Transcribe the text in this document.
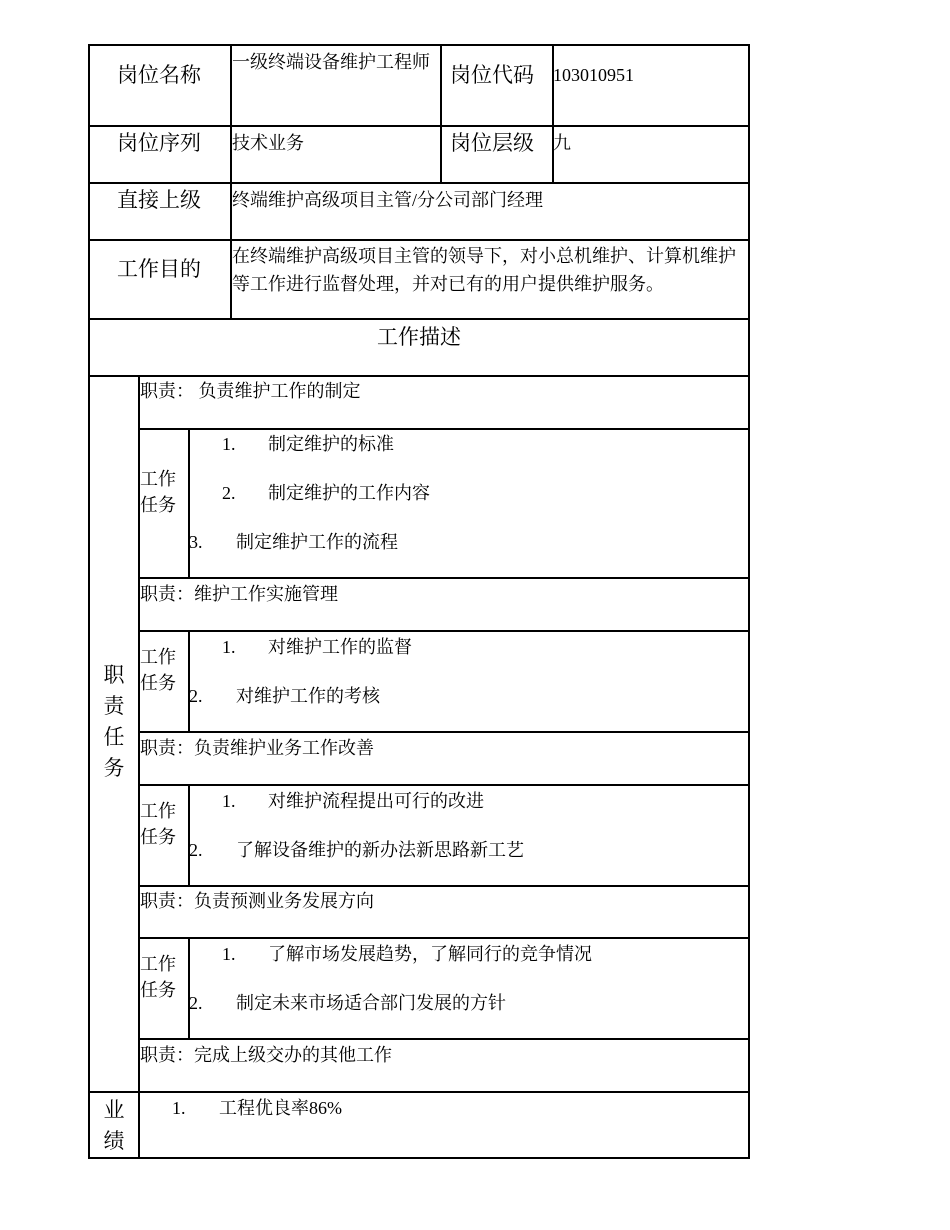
岗位名称
一级终端设备维护工程师
岗位代码 103010951
岗位序列 技术业务	岗位层级 九
直接上级 终端维护高级项目主管/分公司部门经理
工作目的
在终端维护高级项目主管的领导下，对小总机维护、计算机维护等工作进行监督处理，并对已有的用户提供维护服务。
工作描述
职
责
任
务
职责： 负责维护工作的制定
工作任务
1. 制定维护的标准
2. 制定维护的工作内容
3. 制定维护工作的流程
职责：维护工作实施管理
工作任务
1. 对维护工作的监督
2. 对维护工作的考核
职责：负责维护业务工作改善
工作任务
1. 对维护流程提出可行的改进
2. 了解设备维护的新办法新思路新工艺
职责：负责预测业务发展方向
工作任务
1. 了解市场发展趋势，了解同行的竞争情况
2. 制定未来市场适合部门发展的方针
职责：完成上级交办的其他工作
业
绩
1. 工程优良率86%
